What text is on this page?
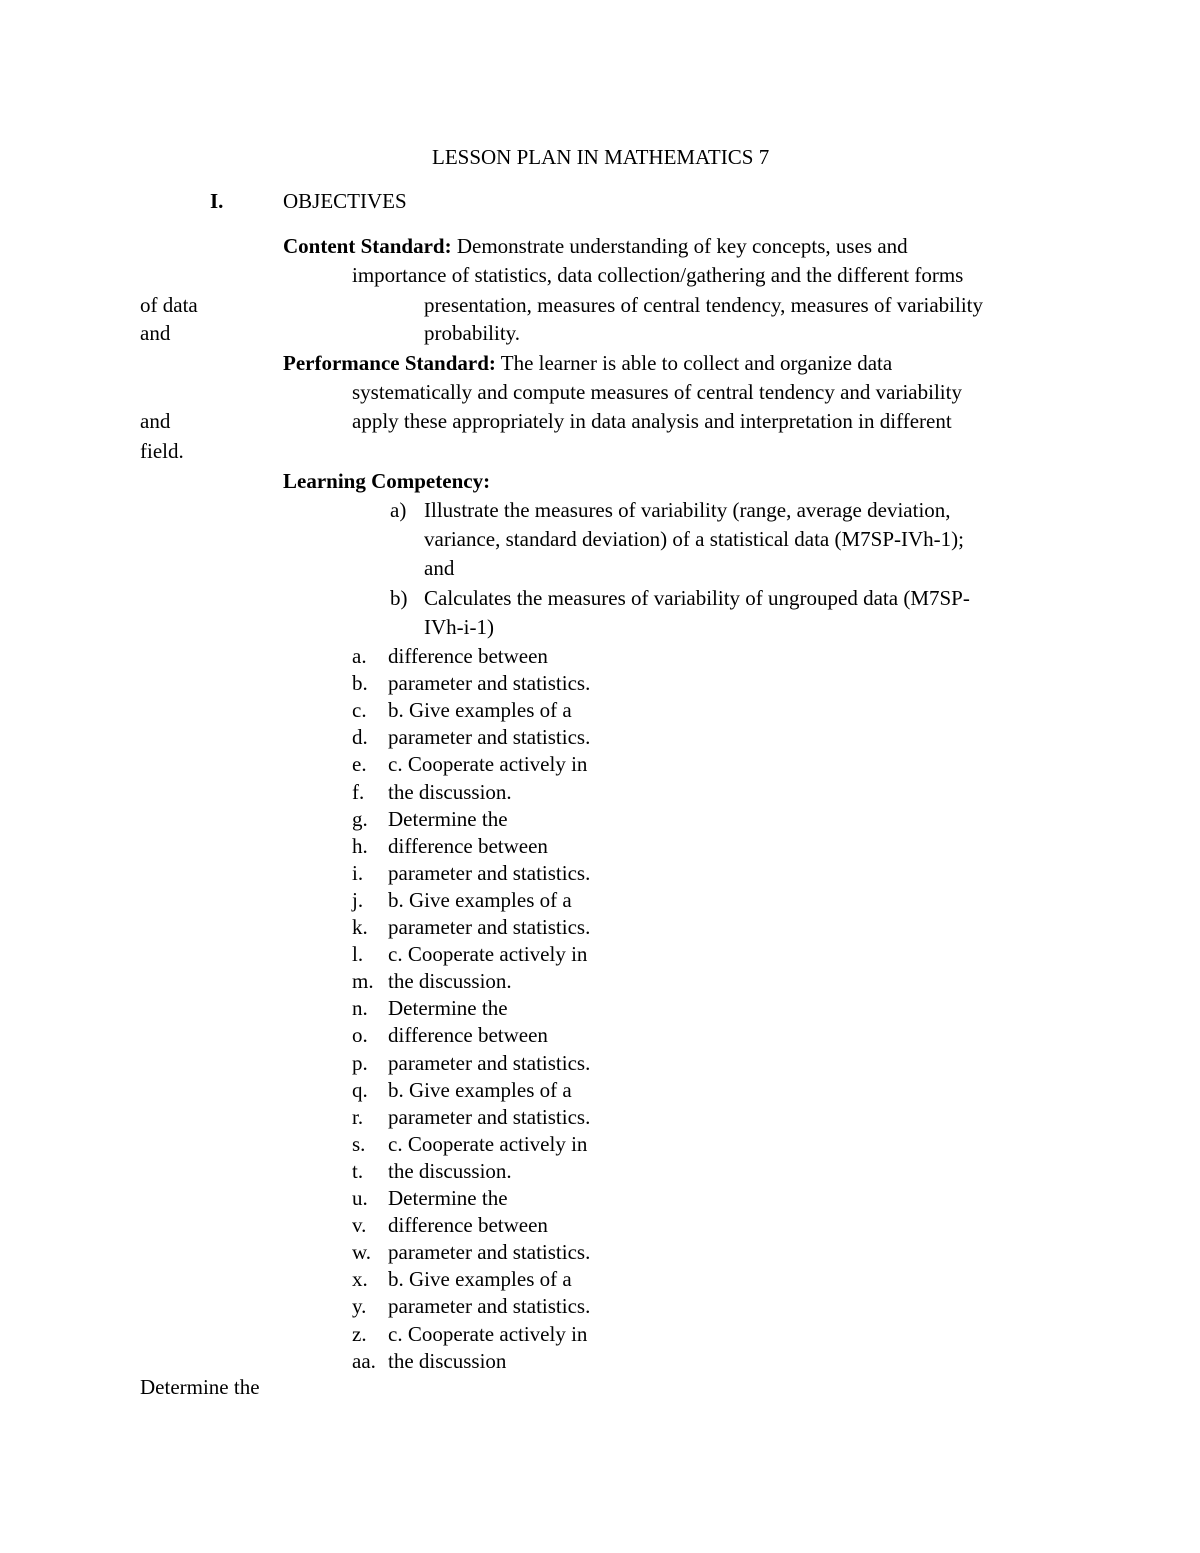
LESSON PLAN IN MATHEMATICS 7
I.	OBJECTIVES
Content Standard: Demonstrate understanding of key concepts, uses and
importance of statistics, data collection/gathering and the different forms
of data	presentation, measures of central tendency, measures of variability
and	probability.
Performance Standard: The learner is able to collect and organize data
systematically and compute measures of central tendency and variability
and	apply these appropriately in data analysis and interpretation in different
field.
Learning Competency:
a) Illustrate the measures of variability (range, average deviation,
variance, standard deviation) of a statistical data (M7SP-IVh-1);
and
b) Calculates the measures of variability of ungrouped data (M7SP-
IVh-i-1)
a. difference between
b. parameter and statistics.
c. b. Give examples of a
d. parameter and statistics.
e. c. Cooperate actively in
f. the discussion.
g. Determine the
h. difference between
i. parameter and statistics.
j. b. Give examples of a
k. parameter and statistics.
l. c. Cooperate actively in
m. the discussion.
n. Determine the
o. difference between
p. parameter and statistics.
q. b. Give examples of a
r. parameter and statistics.
s. c. Cooperate actively in
t. the discussion.
u. Determine the
v. difference between
w. parameter and statistics.
x. b. Give examples of a
y. parameter and statistics.
z. c. Cooperate actively in
aa. the discussion
Determine the
